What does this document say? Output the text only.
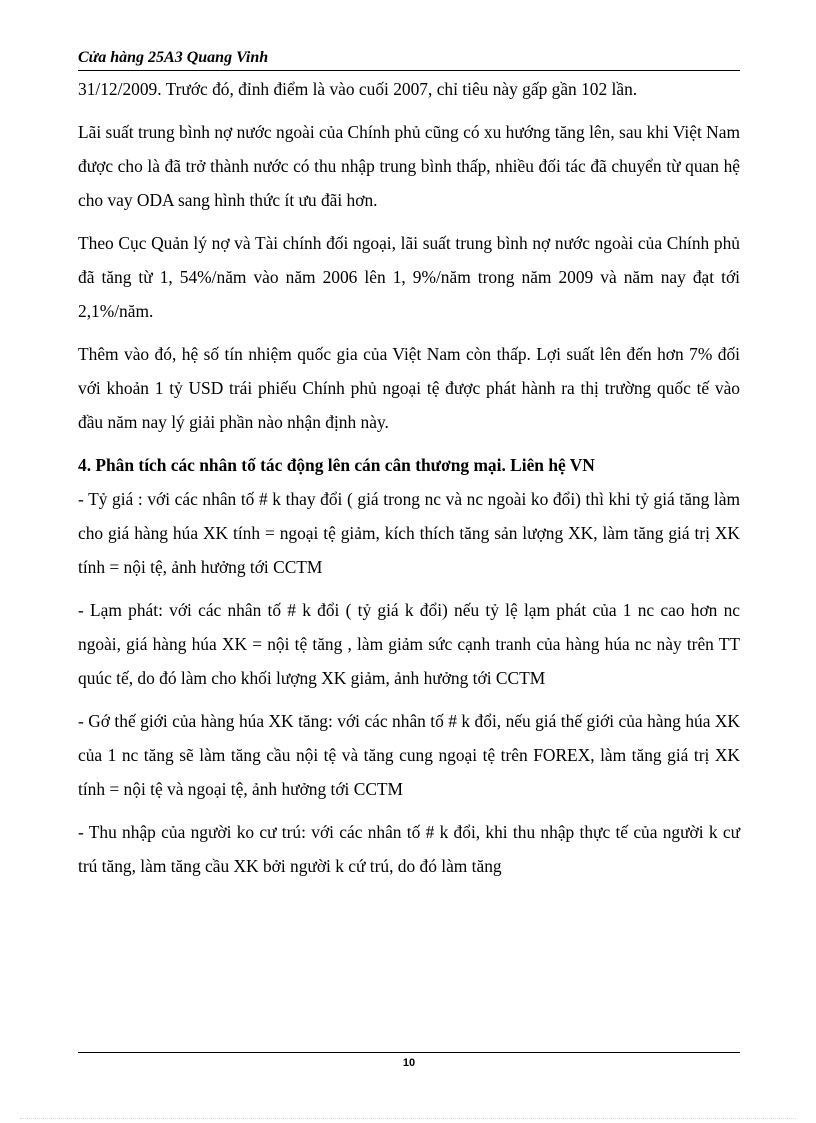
Cửa hàng 25A3 Quang Vinh

31/12/2009. Trước đó, đỉnh điểm là vào cuối 2007, chỉ tiêu này gấp gần 102 lần.

Lãi suất trung bình nợ nước ngoài của Chính phủ cũng có xu hướng tăng lên, sau khi Việt Nam được cho là đã trở thành nước có thu nhập trung bình thấp, nhiều đối tác đã chuyển từ quan hệ cho vay ODA sang hình thức ít ưu đãi hơn.

Theo Cục Quản lý nợ và Tài chính đối ngoại, lãi suất trung bình nợ nước ngoài của Chính phủ đã tăng từ 1, 54%/năm vào năm 2006 lên 1, 9%/năm trong năm 2009 và năm nay đạt tới 2,1%/năm.

Thêm vào đó, hệ số tín nhiệm quốc gia của Việt Nam còn thấp. Lợi suất lên đến hơn 7% đối với khoản 1 tỷ USD trái phiếu Chính phủ ngoại tệ được phát hành ra thị trường quốc tế vào đầu năm nay lý giải phần nào nhận định này.

4. Phân tích các nhân tố tác động lên cán cân thương mại. Liên hệ VN

- Tỷ giá : với các nhân tố # k thay đổi ( giá trong nc và nc ngoài ko đổi) thì khi tỷ giá tăng làm cho giá hàng húa XK tính = ngoại tệ giảm, kích thích tăng sản lượng XK, làm tăng giá trị XK tính = nội tệ, ảnh hưởng tới CCTM

- Lạm phát: với các nhân tố # k đổi ( tỷ giá k đổi) nếu tỷ lệ lạm phát của 1 nc cao hơn nc ngoài, giá hàng húa XK = nội tệ tăng , làm giảm sức cạnh tranh của hàng húa nc này trên TT quúc tế, do đó làm cho khối lượng XK giảm, ảnh hưởng tới CCTM

- Gớ thế giới của hàng húa XK tăng: với các nhân tố # k đổi, nếu giá thế giới của hàng húa XK của 1 nc tăng sẽ làm tăng cầu nội tệ và tăng cung ngoại tệ trên FOREX, làm tăng giá trị XK tính = nội tệ và ngoại tệ, ảnh hưởng tới CCTM

- Thu nhập của người ko cư trú: với các nhân tố # k đổi, khi thu nhập thực tế của người k cư trú tăng, làm tăng cầu XK bởi người k cứ trú, do đó làm tăng

10
